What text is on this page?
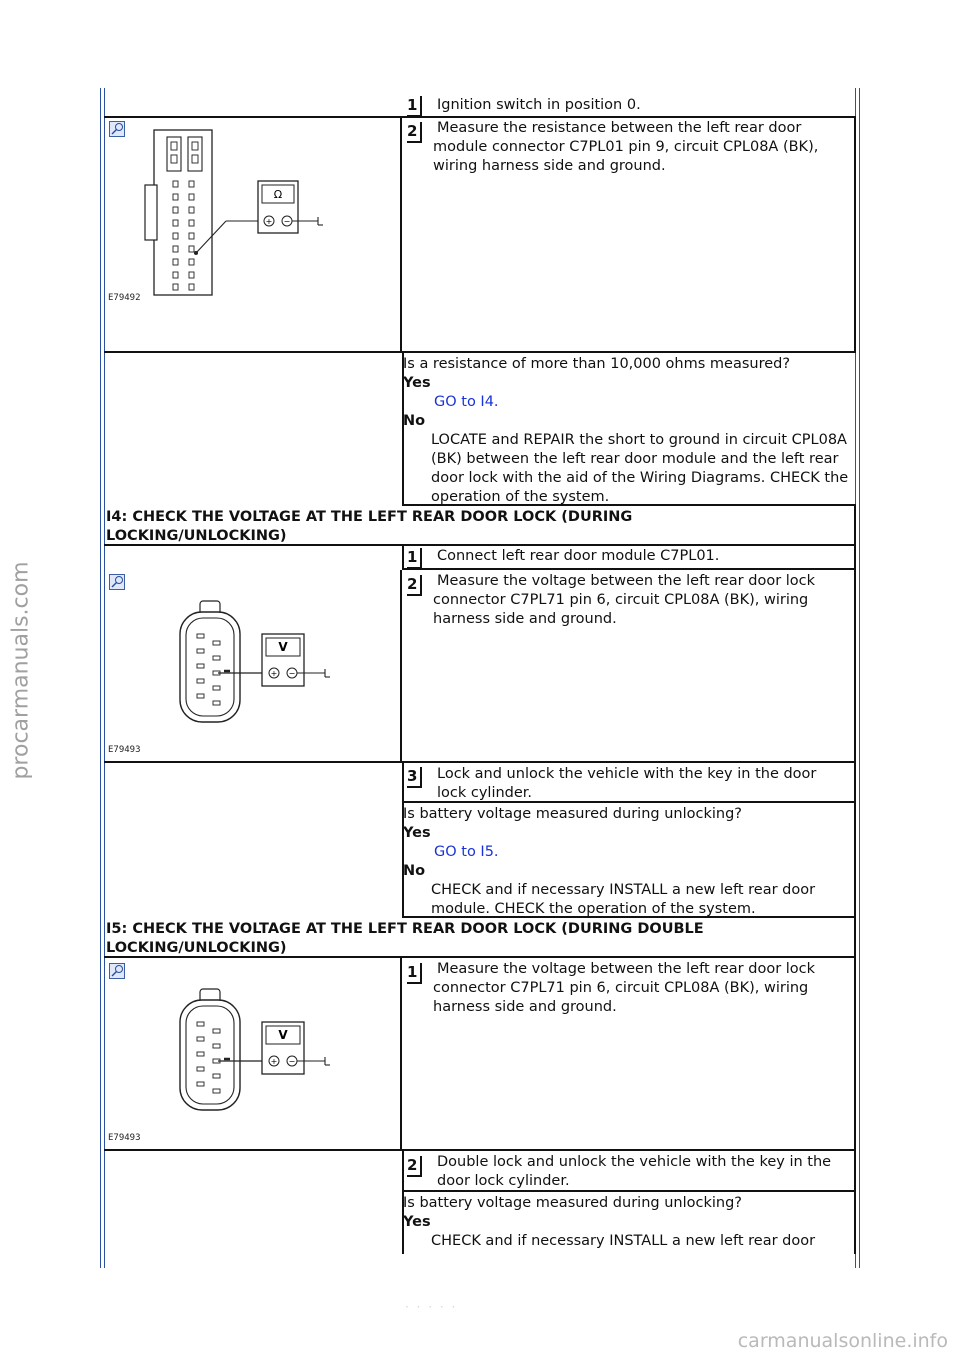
procarmanuals.com
1	Ignition switch in position 0.
Ω
+ −
E79492
2	Measure the resistance between the left rear door module connector C7PL01 pin 9, circuit CPL08A (BK), wiring harness side and ground.
Is a resistance of more than 10,000 ohms measured?
Yes
GO to I4.
No
LOCATE and REPAIR the short to ground in circuit CPL08A (BK) between the left rear door module and the left rear door lock with the aid of the Wiring Diagrams. CHECK the operation of the system.
I4: CHECK THE VOLTAGE AT THE LEFT REAR DOOR LOCK (DURING LOCKING/UNLOCKING)
1	Connect left rear door module C7PL01.
V
+ −
E79493
2	Measure the voltage between the left rear door lock connector C7PL71 pin 6, circuit CPL08A (BK), wiring harness side and ground.
3	Lock and unlock the vehicle with the key in the door lock cylinder.
Is battery voltage measured during unlocking?
Yes
GO to I5.
No
CHECK and if necessary INSTALL a new left rear door module. CHECK the operation of the system.
I5: CHECK THE VOLTAGE AT THE LEFT REAR DOOR LOCK (DURING DOUBLE LOCKING/UNLOCKING)
V
+ −
E79493
1	Measure the voltage between the left rear door lock connector C7PL71 pin 6, circuit CPL08A (BK), wiring harness side and ground.
2	Double lock and unlock the vehicle with the key in the door lock cylinder.
Is battery voltage measured during unlocking?
Yes
CHECK and if necessary INSTALL a new left rear door
· · · · ·
carmanualsonline.info
